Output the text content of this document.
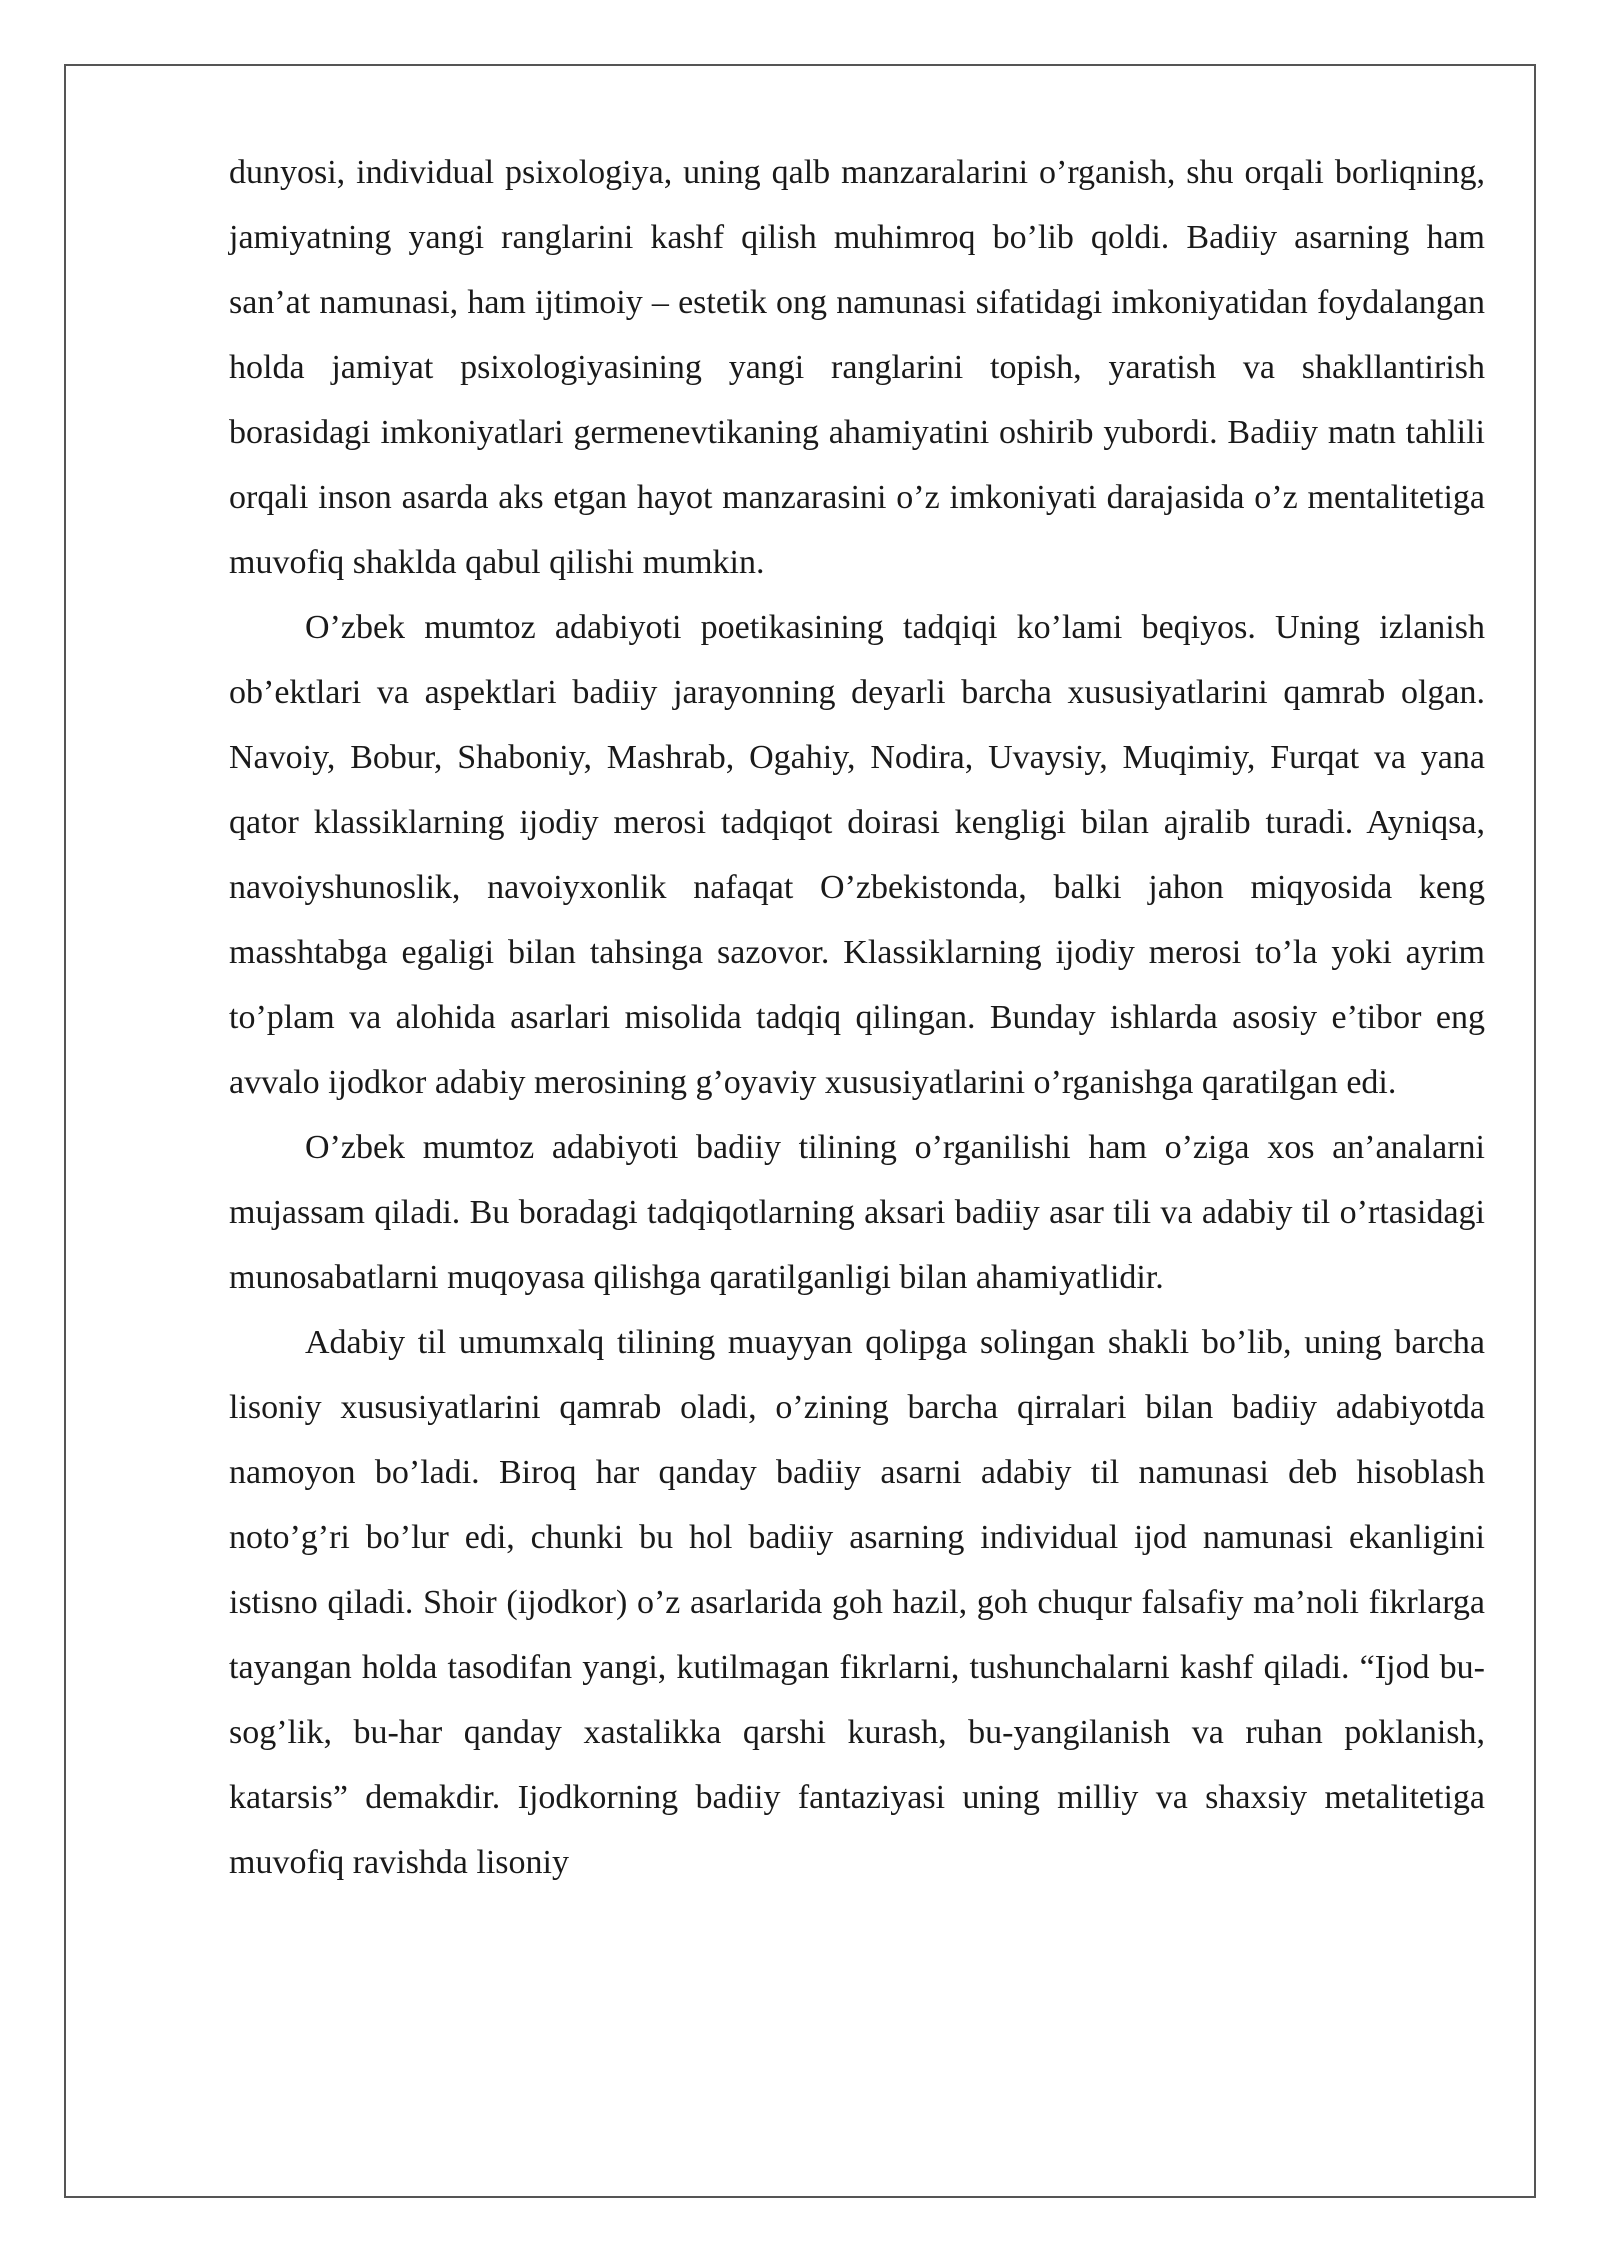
dunyosi, individual psixologiya, uning qalb manzaralarini o’rganish, shu orqali borliqning, jamiyatning yangi ranglarini kashf qilish muhimroq bo’lib qoldi. Badiiy asarning ham san’at namunasi, ham ijtimoiy – estetik ong namunasi sifatidagi imkoniyatidan foydalangan holda jamiyat psixologiyasining yangi ranglarini topish, yaratish va shakllantirish borasidagi imkoniyatlari germenevtikaning ahamiyatini oshirib yubordi. Badiiy matn tahlili orqali inson asarda aks etgan hayot manzarasini o’z imkoniyati darajasida o’z mentalitetiga muvofiq shaklda qabul qilishi mumkin.

O’zbek mumtoz adabiyoti poetikasining tadqiqi ko’lami beqiyos. Uning izlanish ob’ektlari va aspektlari badiiy jarayonning deyarli barcha xususiyatlarini qamrab olgan. Navoiy, Bobur, Shaboniy, Mashrab, Ogahiy, Nodira, Uvaysiy, Muqimiy, Furqat va yana qator klassiklarning ijodiy merosi tadqiqot doirasi kengligi bilan ajralib turadi. Ayniqsa, navoiyshunoslik, navoiyxonlik nafaqat O’zbekistonda, balki jahon miqyosida keng masshtabga egaligi bilan tahsinga sazovor. Klassiklarning ijodiy merosi to’la yoki ayrim to’plam va alohida asarlari misolida tadqiq qilingan. Bunday ishlarda asosiy e’tibor eng avvalo ijodkor adabiy merosining g’oyaviy xususiyatlarini o’rganishga qaratilgan edi.

O’zbek mumtoz adabiyoti badiiy tilining o’rganilishi ham o’ziga xos an’analarni mujassam qiladi. Bu boradagi tadqiqotlarning aksari badiiy asar tili va adabiy til o’rtasidagi munosabatlarni muqoyasa qilishga qaratilganligi bilan ahamiyatlidir.

Adabiy til umumxalq tilining muayyan qolipga solingan shakli bo’lib, uning barcha lisoniy xususiyatlarini qamrab oladi, o’zining barcha qirralari bilan badiiy adabiyotda namoyon bo’ladi. Biroq har qanday badiiy asarni adabiy til namunasi deb hisoblash noto’g’ri bo’lur edi, chunki bu hol badiiy asarning individual ijod namunasi ekanligini istisno qiladi. Shoir (ijodkor) o’z asarlarida goh hazil, goh chuqur falsafiy ma’noli fikrlarga tayangan holda tasodifan yangi, kutilmagan fikrlarni, tushunchalarni kashf qiladi. “Ijod bu-sog’lik, bu-har qanday xastalikka qarshi kurash, bu-yangilanish va ruhan poklanish, katarsis” demakdir. Ijodkorning badiiy fantaziyasi uning milliy va shaxsiy metalitetiga muvofiq ravishda lisoniy
